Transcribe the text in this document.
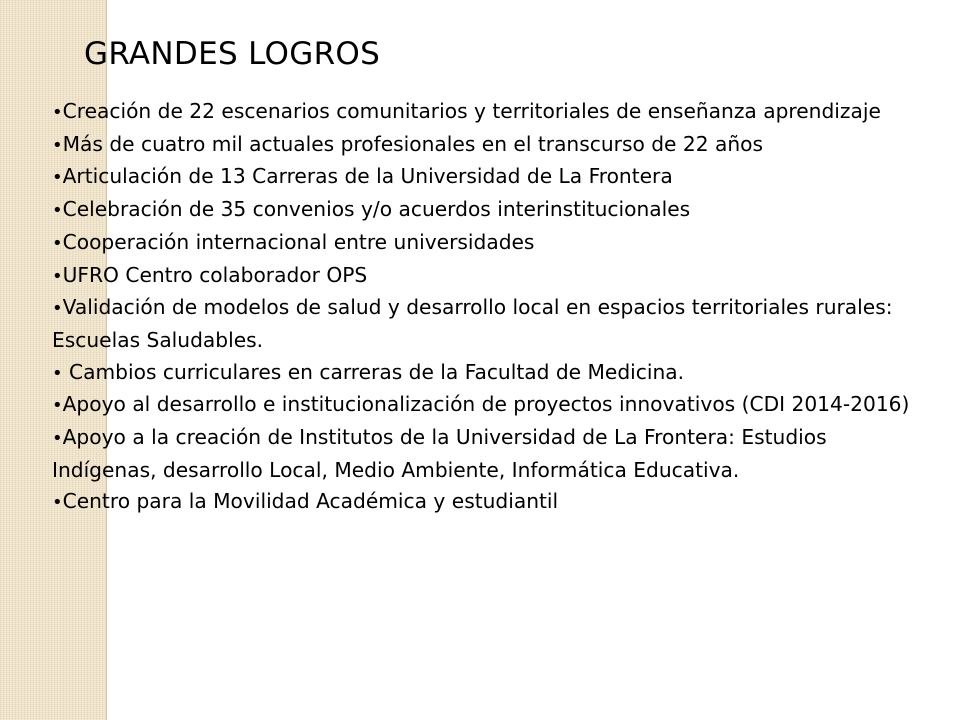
GRANDES LOGROS
•Creación de 22 escenarios comunitarios y territoriales de enseñanza aprendizaje
•Más de cuatro mil actuales profesionales en el transcurso de 22 años
•Articulación de 13 Carreras de la Universidad de La Frontera
•Celebración de 35 convenios y/o acuerdos interinstitucionales
•Cooperación internacional entre universidades
•UFRO Centro colaborador OPS
•Validación de modelos de salud y desarrollo local en espacios territoriales rurales: Escuelas Saludables.
• Cambios curriculares en carreras de la Facultad de Medicina.
•Apoyo al desarrollo e institucionalización de proyectos innovativos (CDI 2014-2016)
•Apoyo a la creación de Institutos de la Universidad de La Frontera: Estudios Indígenas, desarrollo Local, Medio Ambiente, Informática Educativa.
•Centro para la Movilidad Académica y estudiantil
